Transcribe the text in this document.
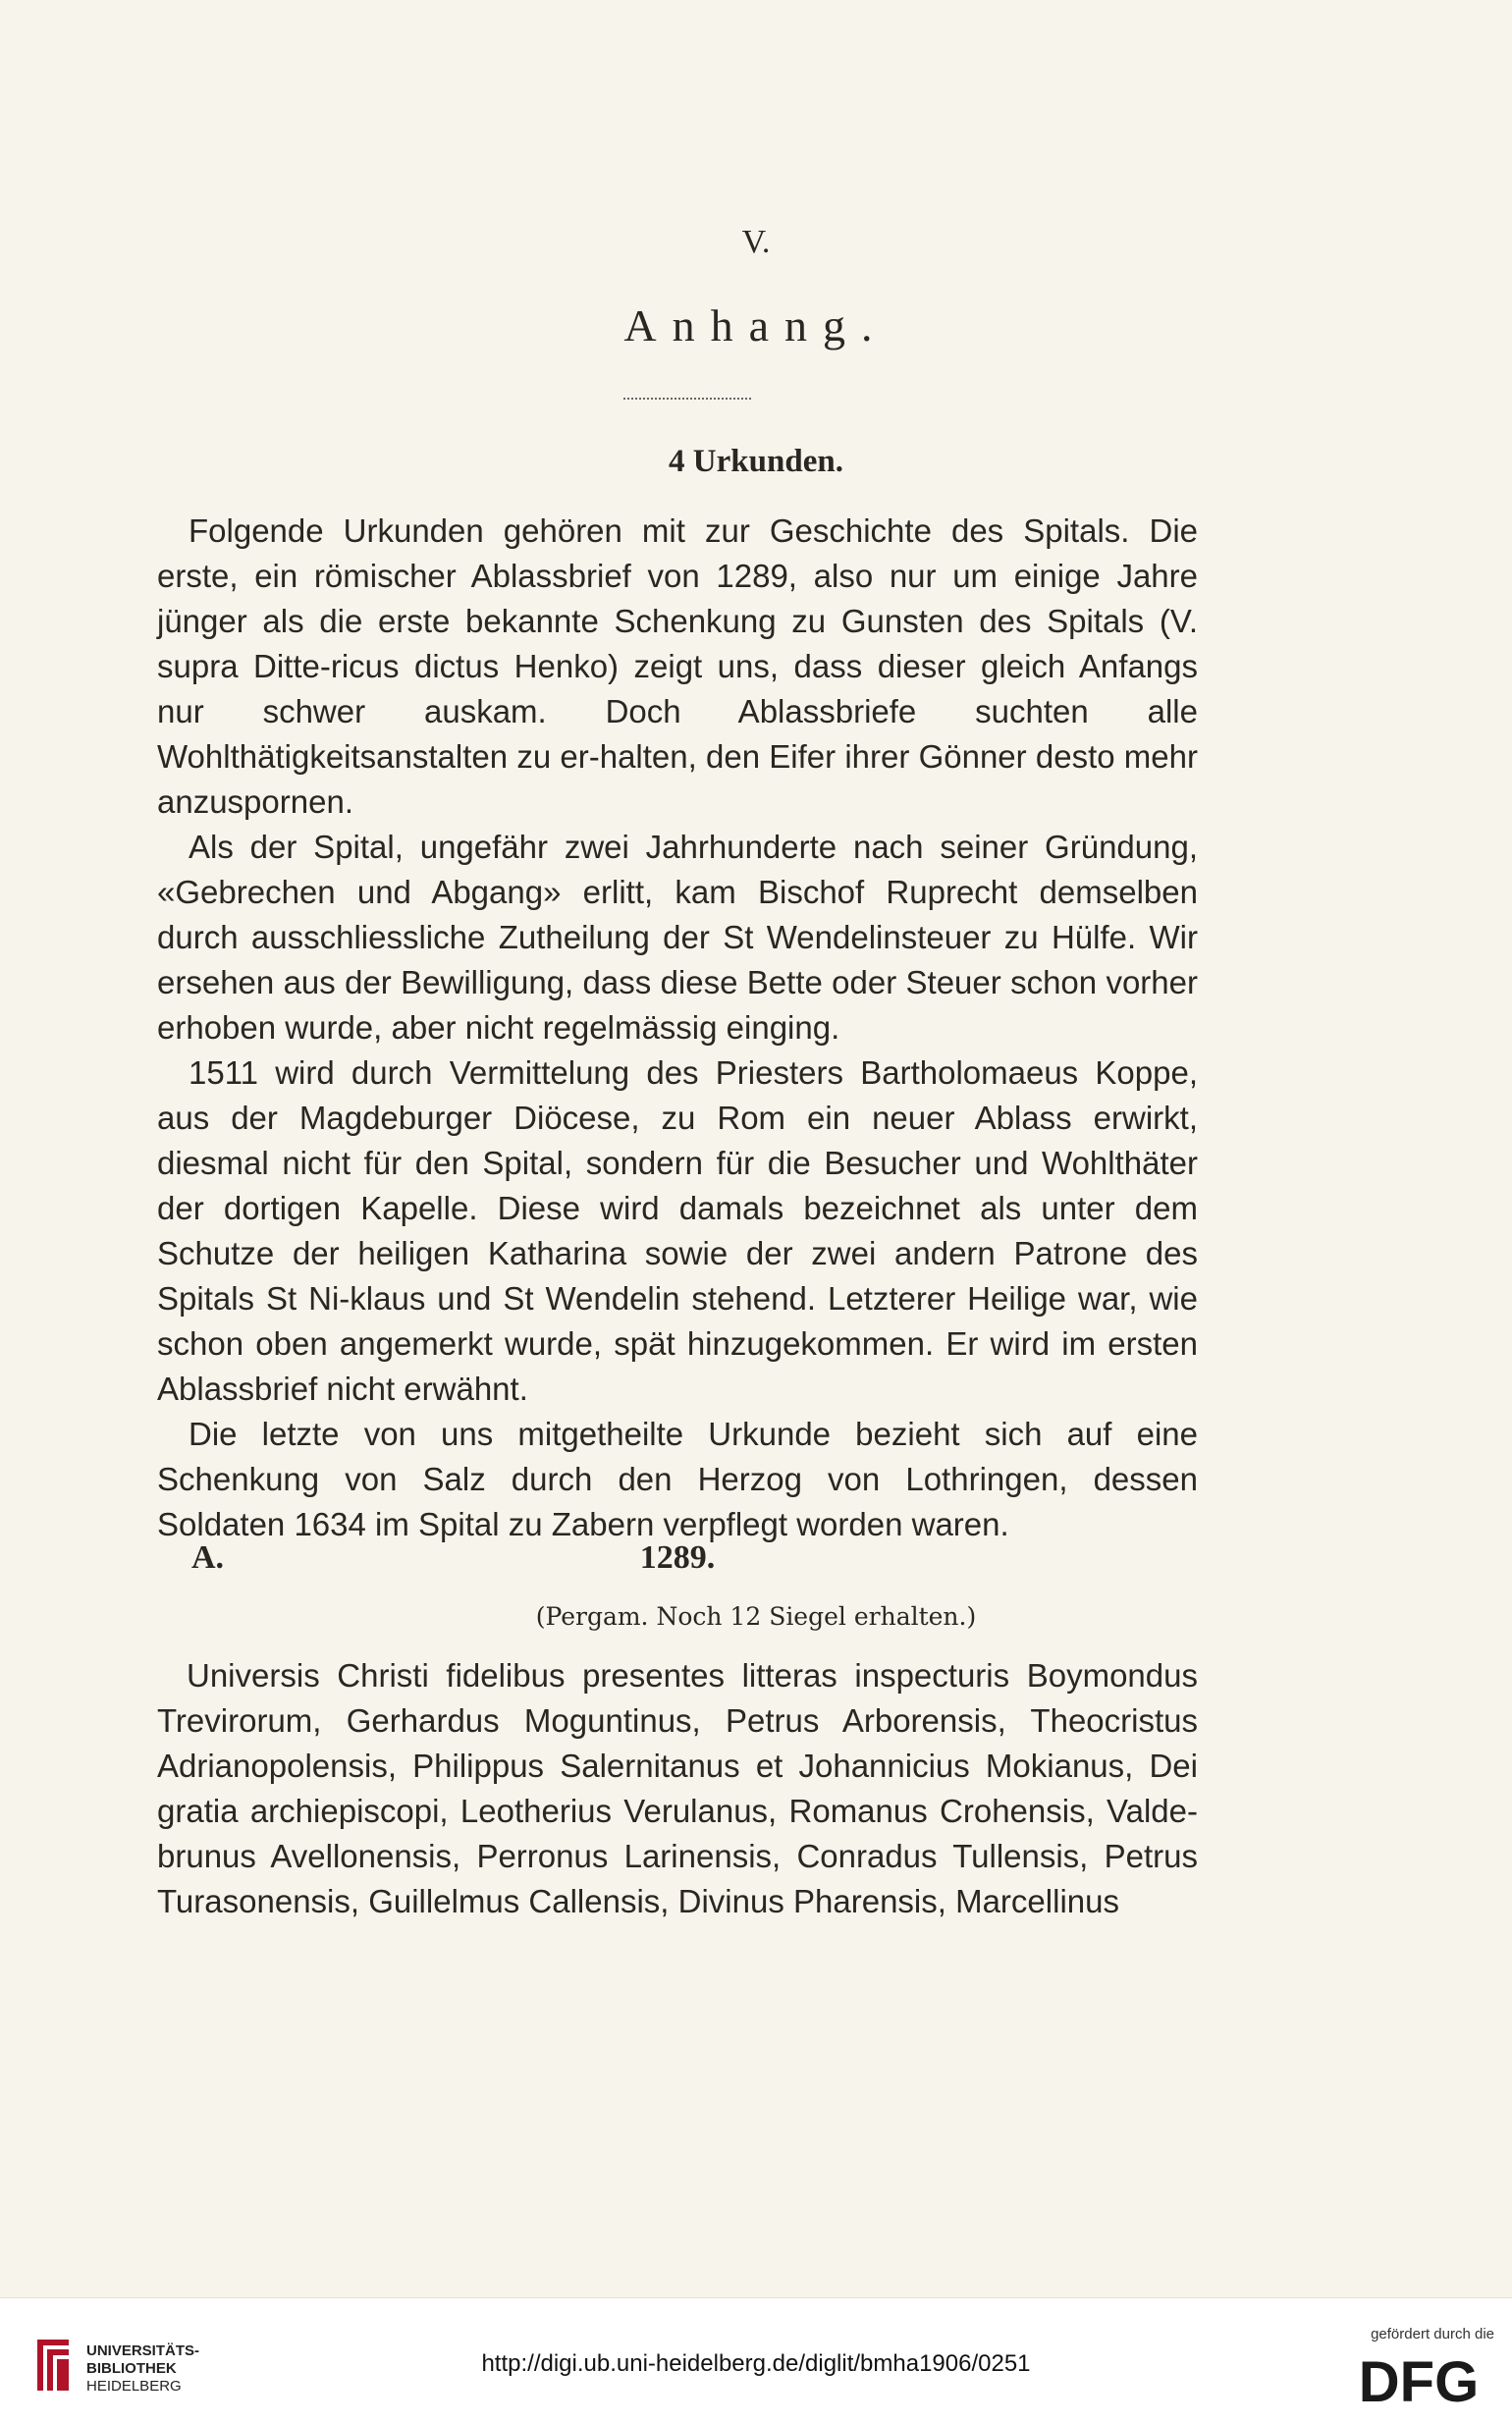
V.
Anhang.
4 Urkunden.

Folgende Urkunden gehören mit zur Geschichte des Spitals. Die erste, ein römischer Ablassbrief von 1289, also nur um einige Jahre jünger als die erste bekannte Schenkung zu Gunsten des Spitals (V. supra Ditte-ricus dictus Henko) zeigt uns, dass dieser gleich Anfangs nur schwer auskam. Doch Ablassbriefe suchten alle Wohlthätigkeitsanstalten zu er-halten, den Eifer ihrer Gönner desto mehr anzuspornen.

Als der Spital, ungefähr zwei Jahrhunderte nach seiner Gründung, «Gebrechen und Abgang» erlitt, kam Bischof Ruprecht demselben durch ausschliessliche Zutheilung der St Wendelinsteuer zu Hülfe. Wir ersehen aus der Bewilligung, dass diese Bette oder Steuer schon vorher erhoben wurde, aber nicht regelmässig einging.

1511 wird durch Vermittelung des Priesters Bartholomaeus Koppe, aus der Magdeburger Diöcese, zu Rom ein neuer Ablass erwirkt, diesmal nicht für den Spital, sondern für die Besucher und Wohlthäter der dortigen Kapelle. Diese wird damals bezeichnet als unter dem Schutze der heiligen Katharina sowie der zwei andern Patrone des Spitals St Ni-klaus und St Wendelin stehend. Letzterer Heilige war, wie schon oben angemerkt wurde, spät hinzugekommen. Er wird im ersten Ablassbrief nicht erwähnt.

Die letzte von uns mitgetheilte Urkunde bezieht sich auf eine Schenkung von Salz durch den Herzog von Lothringen, dessen Soldaten 1634 im Spital zu Zabern verpflegt worden waren.

A.	1289.
(Pergam. Noch 12 Siegel erhalten.)

Universis Christi fidelibus presentes litteras inspecturis Boymondus Trevirorum, Gerhardus Moguntinus, Petrus Arborensis, Theocristus Adrianopolensis, Philippus Salernitanus et Johannicius Mokianus, Dei gratia archiepiscopi, Leotherius Verulanus, Romanus Crohensis, Valde-brunus Avellonensis, Perronus Larinensis, Conradus Tullensis, Petrus Turasonensis, Guillelmus Callensis, Divinus Pharensis, Marcellinus

UNIVERSITÄTS-
BIBLIOTHEK
HEIDELBERG
http://digi.ub.uni-heidelberg.de/diglit/bmha1906/0251
gefördert durch die
DFG
